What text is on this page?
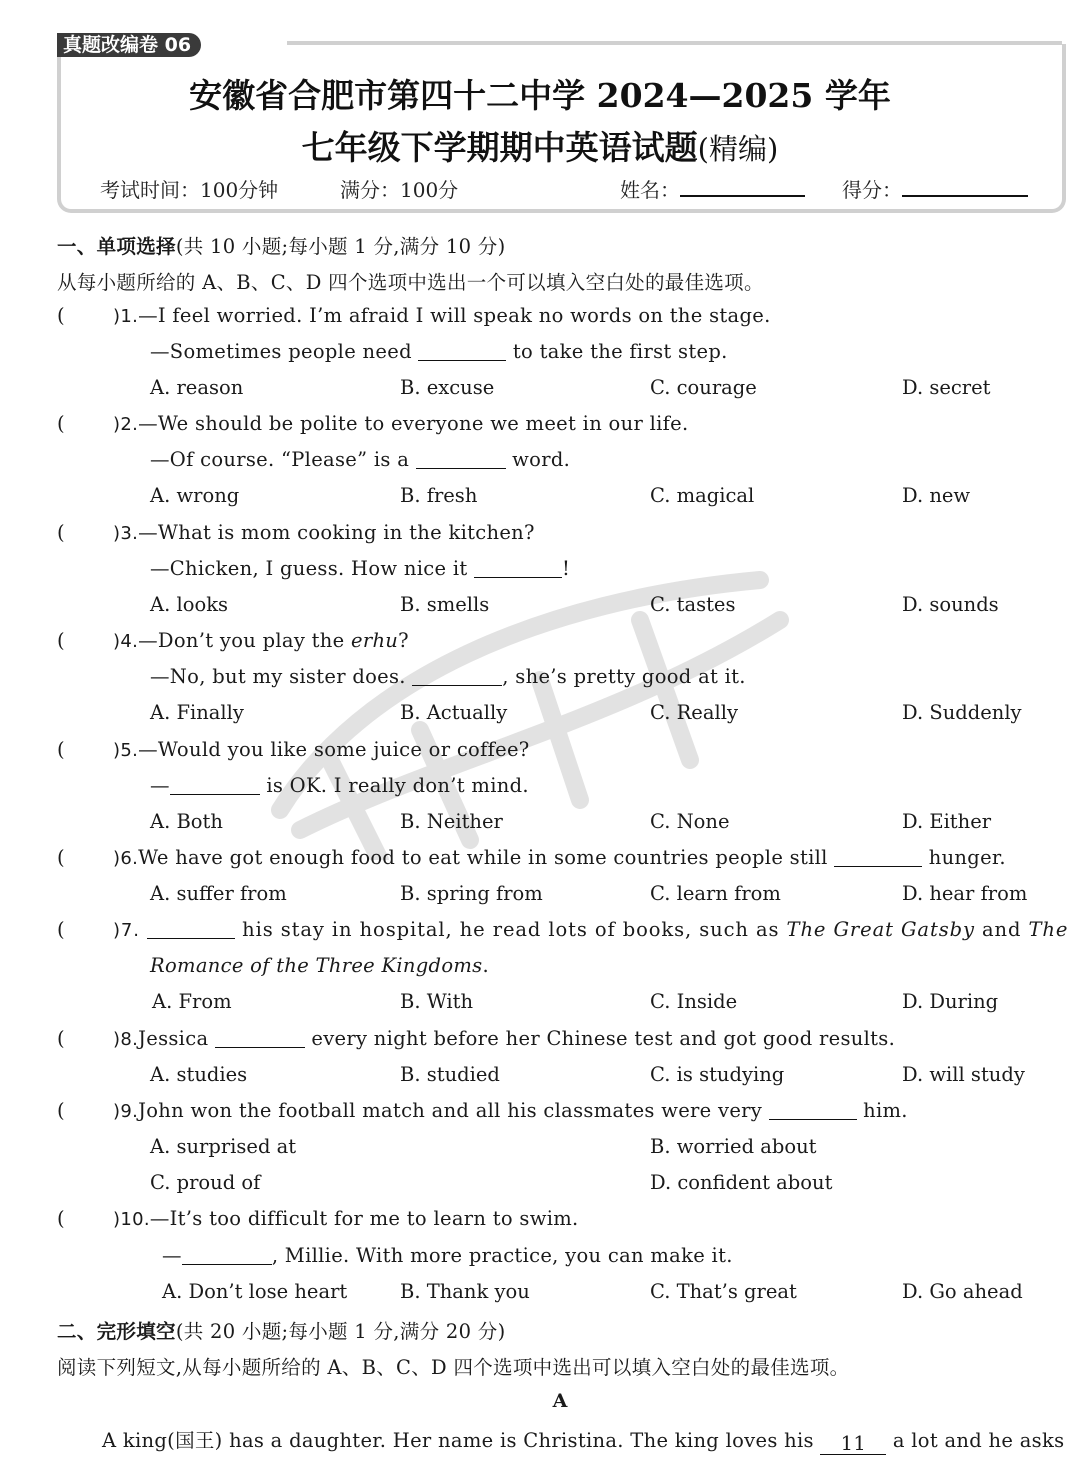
真题改编卷 06
安徽省合肥市第四十二中学 2024—2025 学年
七年级下学期期中英语试题(精编)
考试时间：100分钟	满分：100分	姓名：	得分：
一、单项选择(共 10 小题;每小题 1 分,满分 10 分)
从每小题所给的 A、B、C、D 四个选项中选出一个可以填入空白处的最佳选项。
(	)1.—I feel worried. I’m afraid I will speak no words on the stage.
—Sometimes people need	to take the first step.
A. reason	B. excuse	C. courage	D. secret
(	)2.—We should be polite to everyone we meet in our life.
—Of course. “Please” is a	word.
A. wrong	B. fresh	C. magical	D. new
(	)3.—What is mom cooking in the kitchen?
—Chicken, I guess. How nice it	!
A. looks	B. smells	C. tastes	D. sounds
(	)4.—Don’t you play the erhu?
—No, but my sister does.	, she’s pretty good at it.
A. Finally	B. Actually	C. Really	D. Suddenly
(	)5.—Would you like some juice or coffee?
—	is OK. I really don’t mind.
A. Both	B. Neither	C. None	D. Either
(	)6.We have got enough food to eat while in some countries people still	hunger.
A. suffer from	B. spring from	C. learn from	D. hear from
(	)7.	his stay in hospital, he read lots of books, such as The Great Gatsby and The
Romance of the Three Kingdoms.
A. From	B. With	C. Inside	D. During
(	)8.Jessica	every night before her Chinese test and got good results.
A. studies	B. studied	C. is studying	D. will study
(	)9.John won the football match and all his classmates were very	him.
A. surprised at	B. worried about
C. proud of	D. confident about
(	)10.—It’s too difficult for me to learn to swim.
—	, Millie. With more practice, you can make it.
A. Don’t lose heart	B. Thank you	C. That’s great	D. Go ahead
二、完形填空(共 20 小题;每小题 1 分,满分 20 分)
阅读下列短文,从每小题所给的 A、B、C、D 四个选项中选出可以填入空白处的最佳选项。
A
A king(国王) has a daughter. Her name is Christina. The king loves his 11 a lot and he asks
